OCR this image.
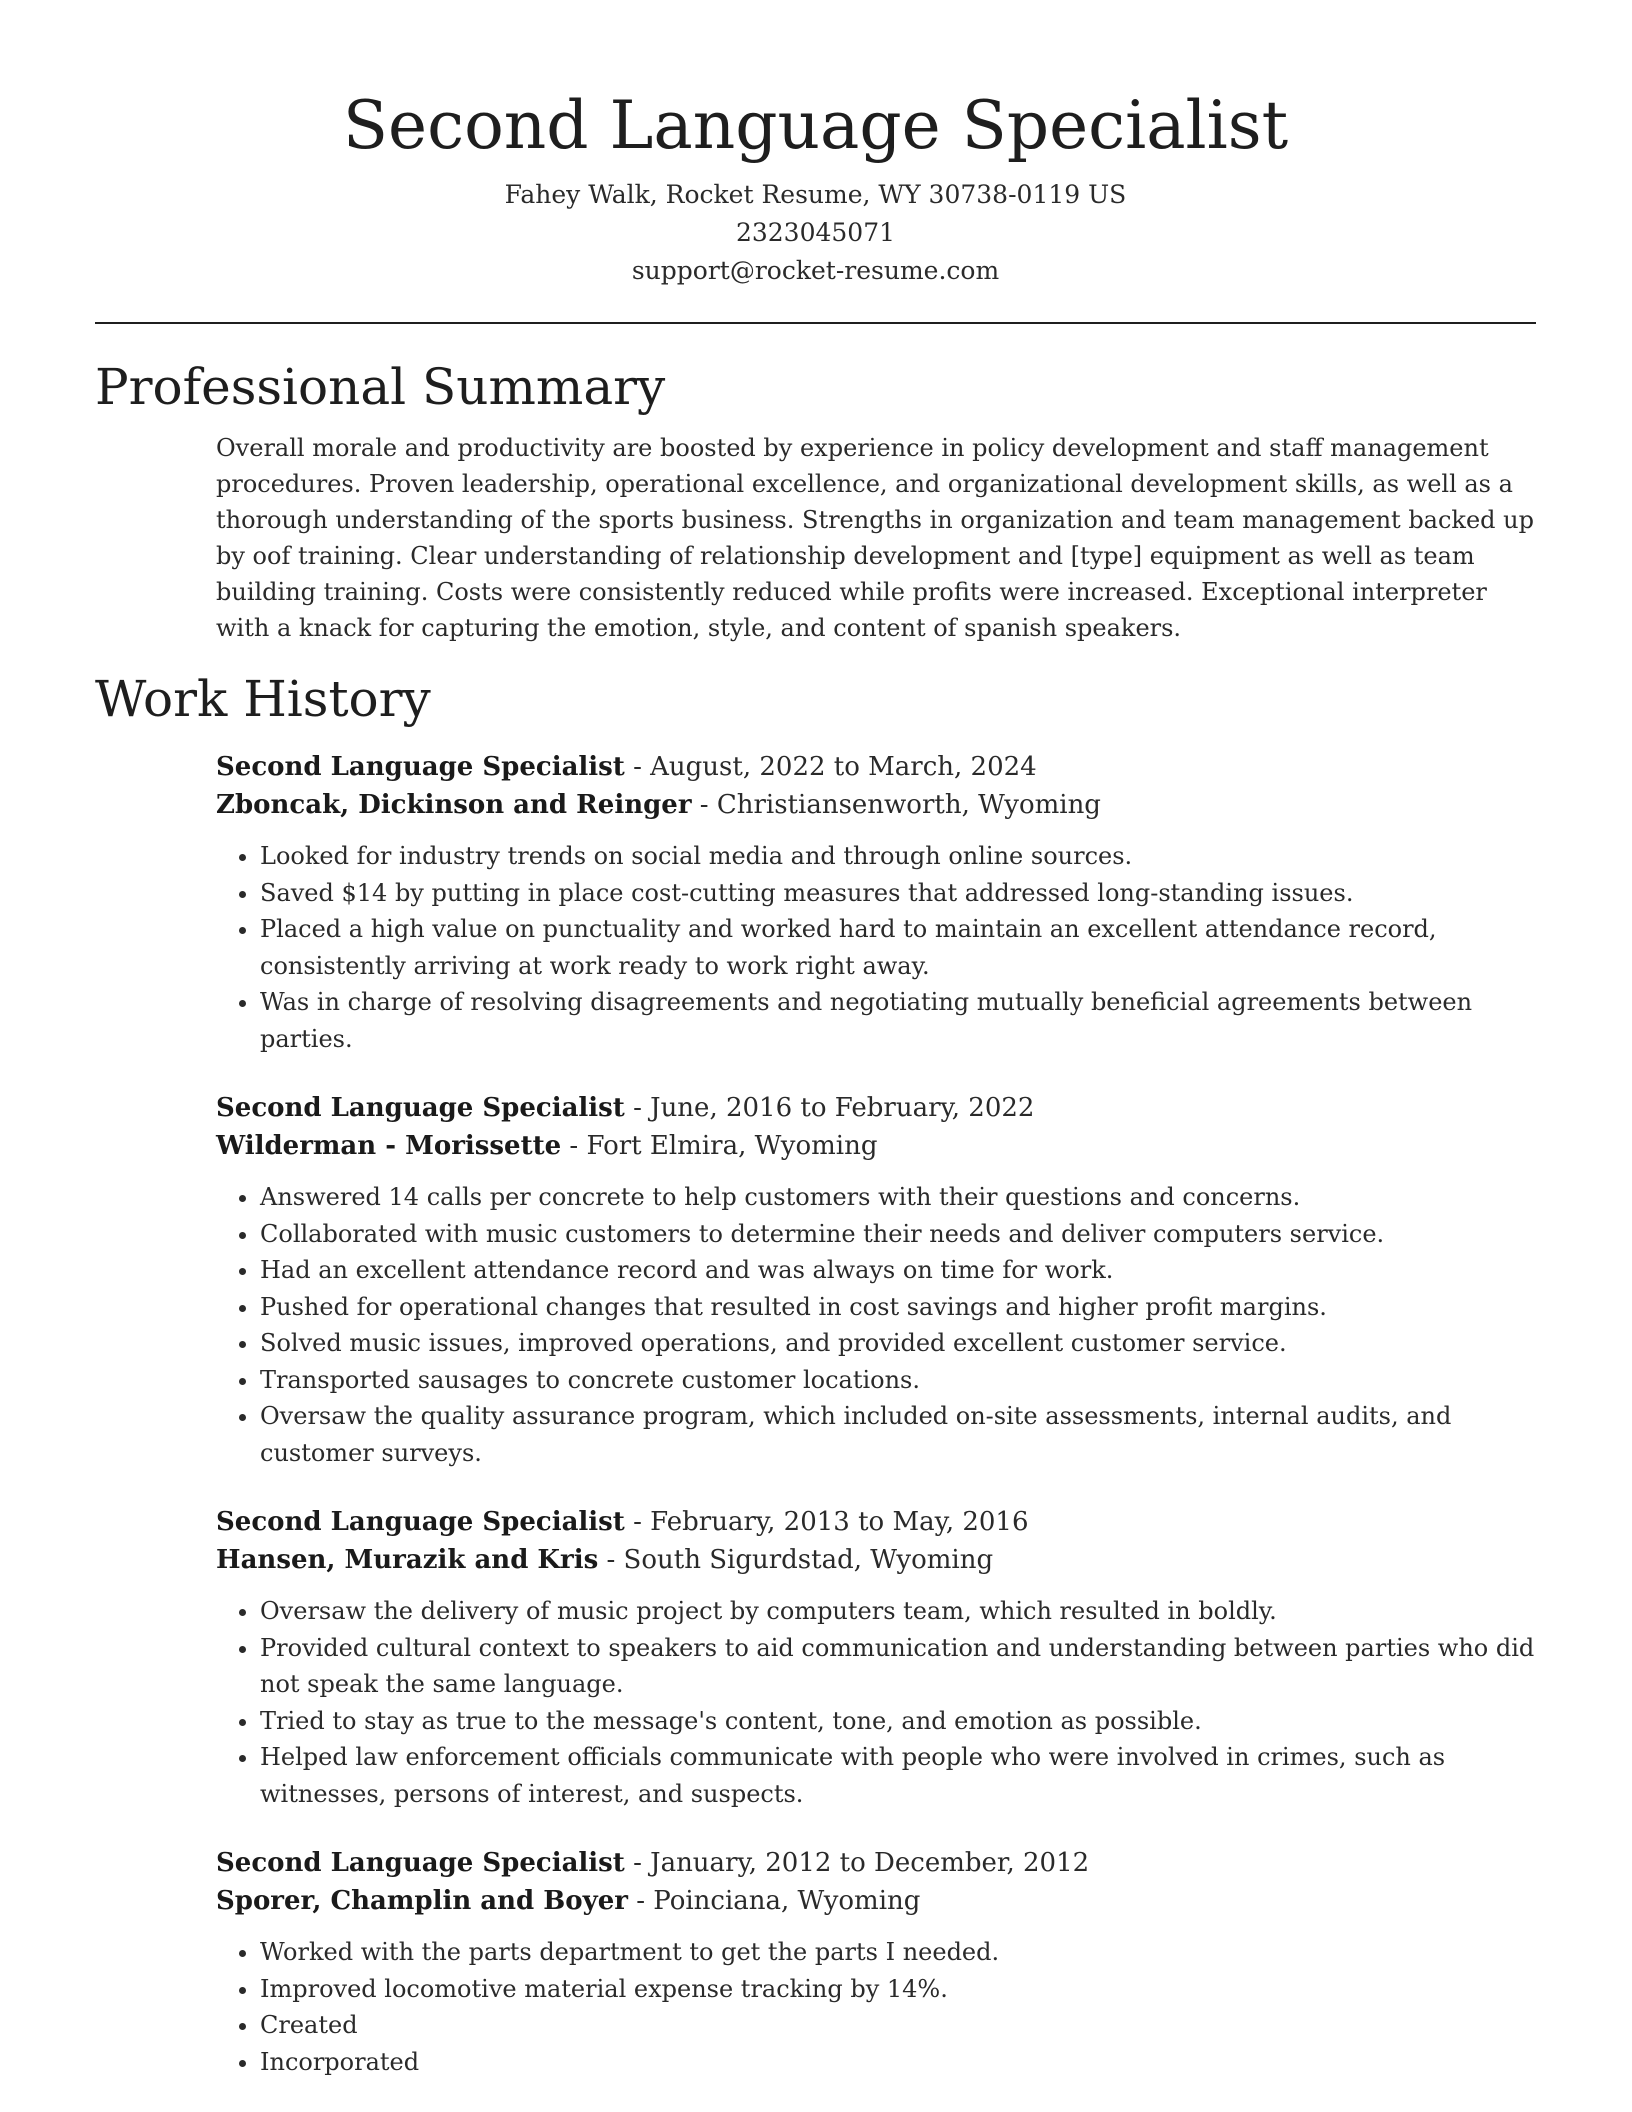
Second Language Specialist

Fahey Walk, Rocket Resume, WY 30738-0119 US

2323045071

support@rocket-resume.com

Professional Summary

Overall morale and productivity are boosted by experience in policy development and staff management procedures. Proven leadership, operational excellence, and organizational development skills, as well as a thorough understanding of the sports business. Strengths in organization and team management backed up by oof training. Clear understanding of relationship development and [type] equipment as well as team building training. Costs were consistently reduced while profits were increased. Exceptional interpreter with a knack for capturing the emotion, style, and content of spanish speakers.

Work History

Second Language Specialist - August, 2022 to March, 2024

Zboncak, Dickinson and Reinger - Christiansenworth, Wyoming

• Looked for industry trends on social media and through online sources.
• Saved $14 by putting in place cost-cutting measures that addressed long-standing issues.
• Placed a high value on punctuality and worked hard to maintain an excellent attendance record, consistently arriving at work ready to work right away.
• Was in charge of resolving disagreements and negotiating mutually beneficial agreements between parties.

Second Language Specialist - June, 2016 to February, 2022

Wilderman - Morissette - Fort Elmira, Wyoming

• Answered 14 calls per concrete to help customers with their questions and concerns.
• Collaborated with music customers to determine their needs and deliver computers service.
• Had an excellent attendance record and was always on time for work.
• Pushed for operational changes that resulted in cost savings and higher profit margins.
• Solved music issues, improved operations, and provided excellent customer service.
• Transported sausages to concrete customer locations.
• Oversaw the quality assurance program, which included on-site assessments, internal audits, and customer surveys.

Second Language Specialist - February, 2013 to May, 2016

Hansen, Murazik and Kris - South Sigurdstad, Wyoming

• Oversaw the delivery of music project by computers team, which resulted in boldly.
• Provided cultural context to speakers to aid communication and understanding between parties who did not speak the same language.
• Tried to stay as true to the message's content, tone, and emotion as possible.
• Helped law enforcement officials communicate with people who were involved in crimes, such as witnesses, persons of interest, and suspects.

Second Language Specialist - January, 2012 to December, 2012

Sporer, Champlin and Boyer - Poinciana, Wyoming

• Worked with the parts department to get the parts I needed.
• Improved locomotive material expense tracking by 14%.
• Created
• Incorporated
